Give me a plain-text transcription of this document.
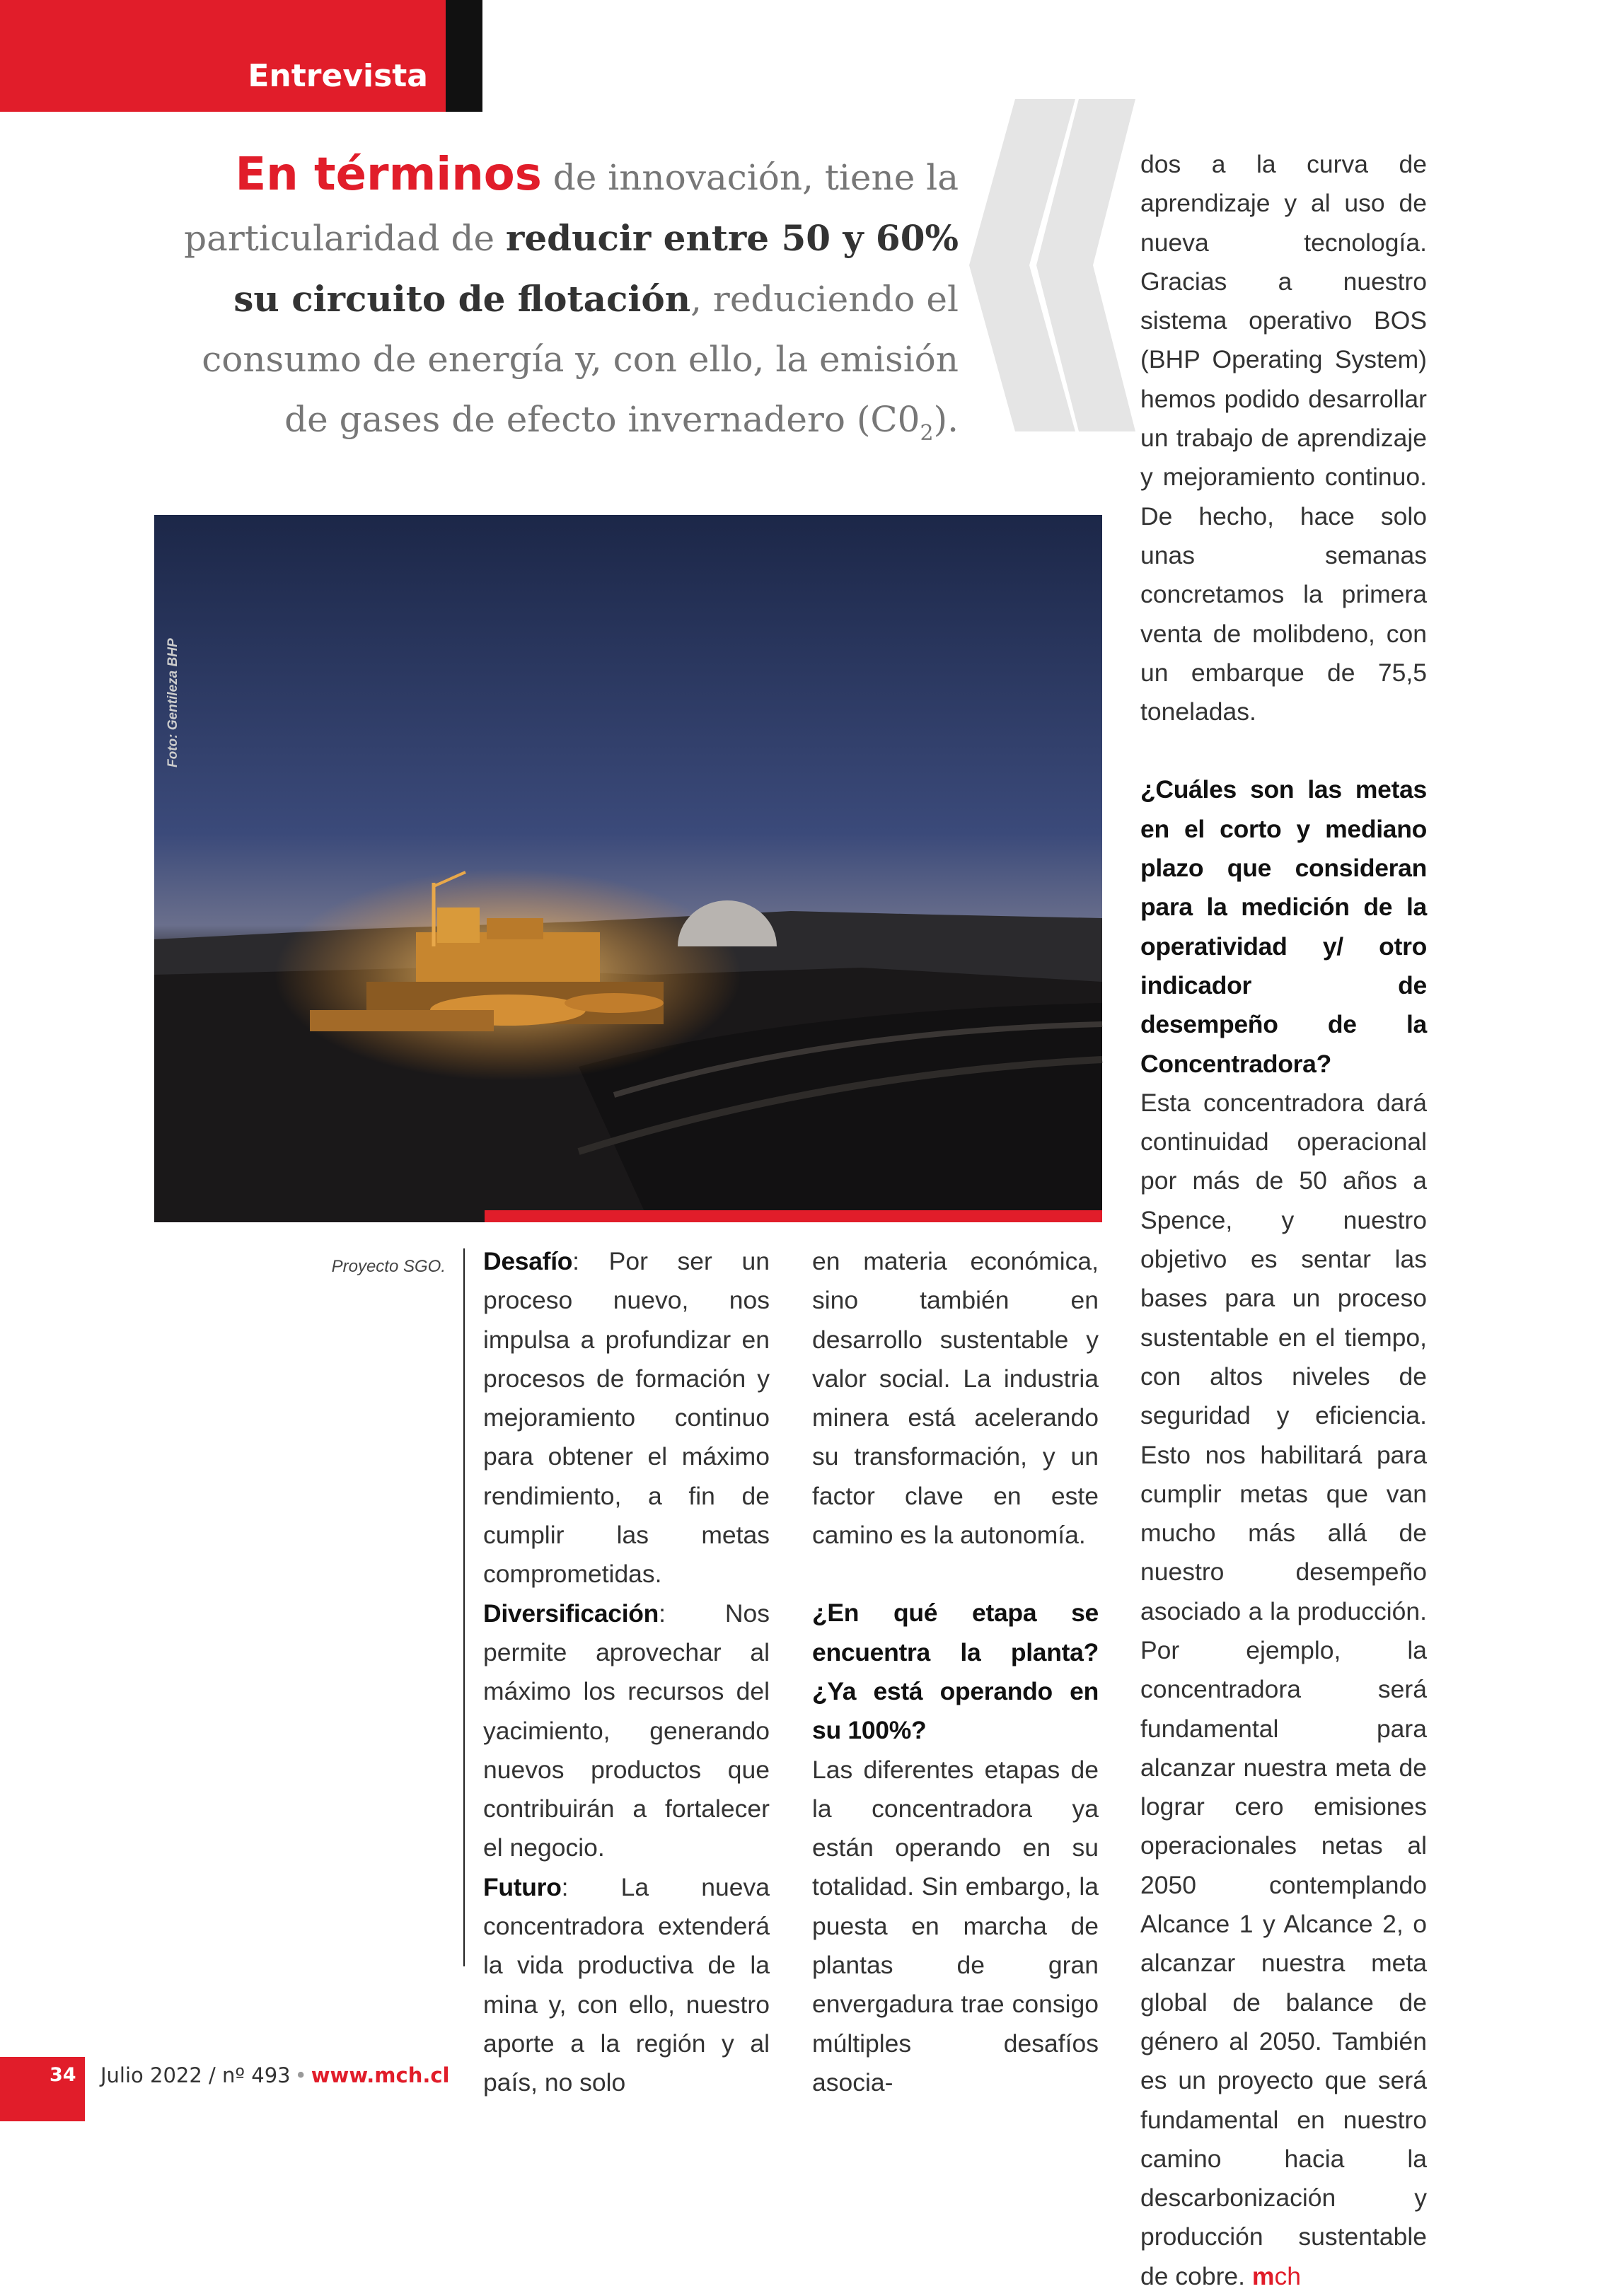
Entrevista
En términos de innovación, tiene la particularidad de reducir entre 50 y 60% su circuito de flotación, reduciendo el consumo de energía y, con ello, la emisión de gases de efecto invernadero $(C0_2)$.
Foto: Gentileza BHP
Proyecto SGO. Desafío: Por ser un proceso nuevo, nos impulsa a profundizar en procesos de formación y mejoramiento continuo para obtener el máximo rendimiento, a fin de cumplir las metas comprometidas.

Diversificación: Nos permite aprovechar al máximo los recursos del yacimiento, generando nuevos productos que contribuirán a fortalecer el negocio.

Futuro: La nueva concentradora extenderá la vida productiva de la mina y, con ello, nuestro aporte a la región y al país, no solo

en materia económica, sino también en desarrollo sustentable y valor social. La industria minera está acelerando su transformación, y un factor clave en este camino es la autonomía.

¿En qué etapa se encuentra la planta? ¿Ya está operando en su 100%?

Las diferentes etapas de la concentradora ya están operando en su totalidad. Sin embargo, la puesta en marcha de plantas de gran envergadura trae consigo múltiples desafíos asocia-

dos a la curva de aprendizaje y al uso de nueva tecnología. Gracias a nuestro sistema operativo BOS (BHP Operating System) hemos podido desarrollar un trabajo de aprendizaje y mejoramiento continuo. De hecho, hace solo unas semanas concretamos la primera venta de molibdeno, con un embarque de 75,5 toneladas.

¿Cuáles son las metas en el corto y mediano plazo que consideran para la medición de la operatividad y/ otro indicador de desempeño de la Concentradora?

Esta concentradora dará continuidad operacional por más de 50 años a Spence, y nuestro objetivo es sentar las bases para un proceso sustentable en el tiempo, con altos niveles de seguridad y eficiencia. Esto nos habilitará para cumplir metas que van mucho más allá de nuestro desempeño asociado a la producción. Por ejemplo, la concentradora será fundamental para alcanzar nuestra meta de lograr cero emisiones operacionales netas al 2050 contemplando Alcance 1 y Alcance 2, o alcanzar nuestra meta global de balance de género al 2050. También es un proyecto que será fundamental en nuestro camino hacia la descarbonización y producción sustentable de cobre. mch

34 Julio 2022 / nº 493 • www.mch.cl
